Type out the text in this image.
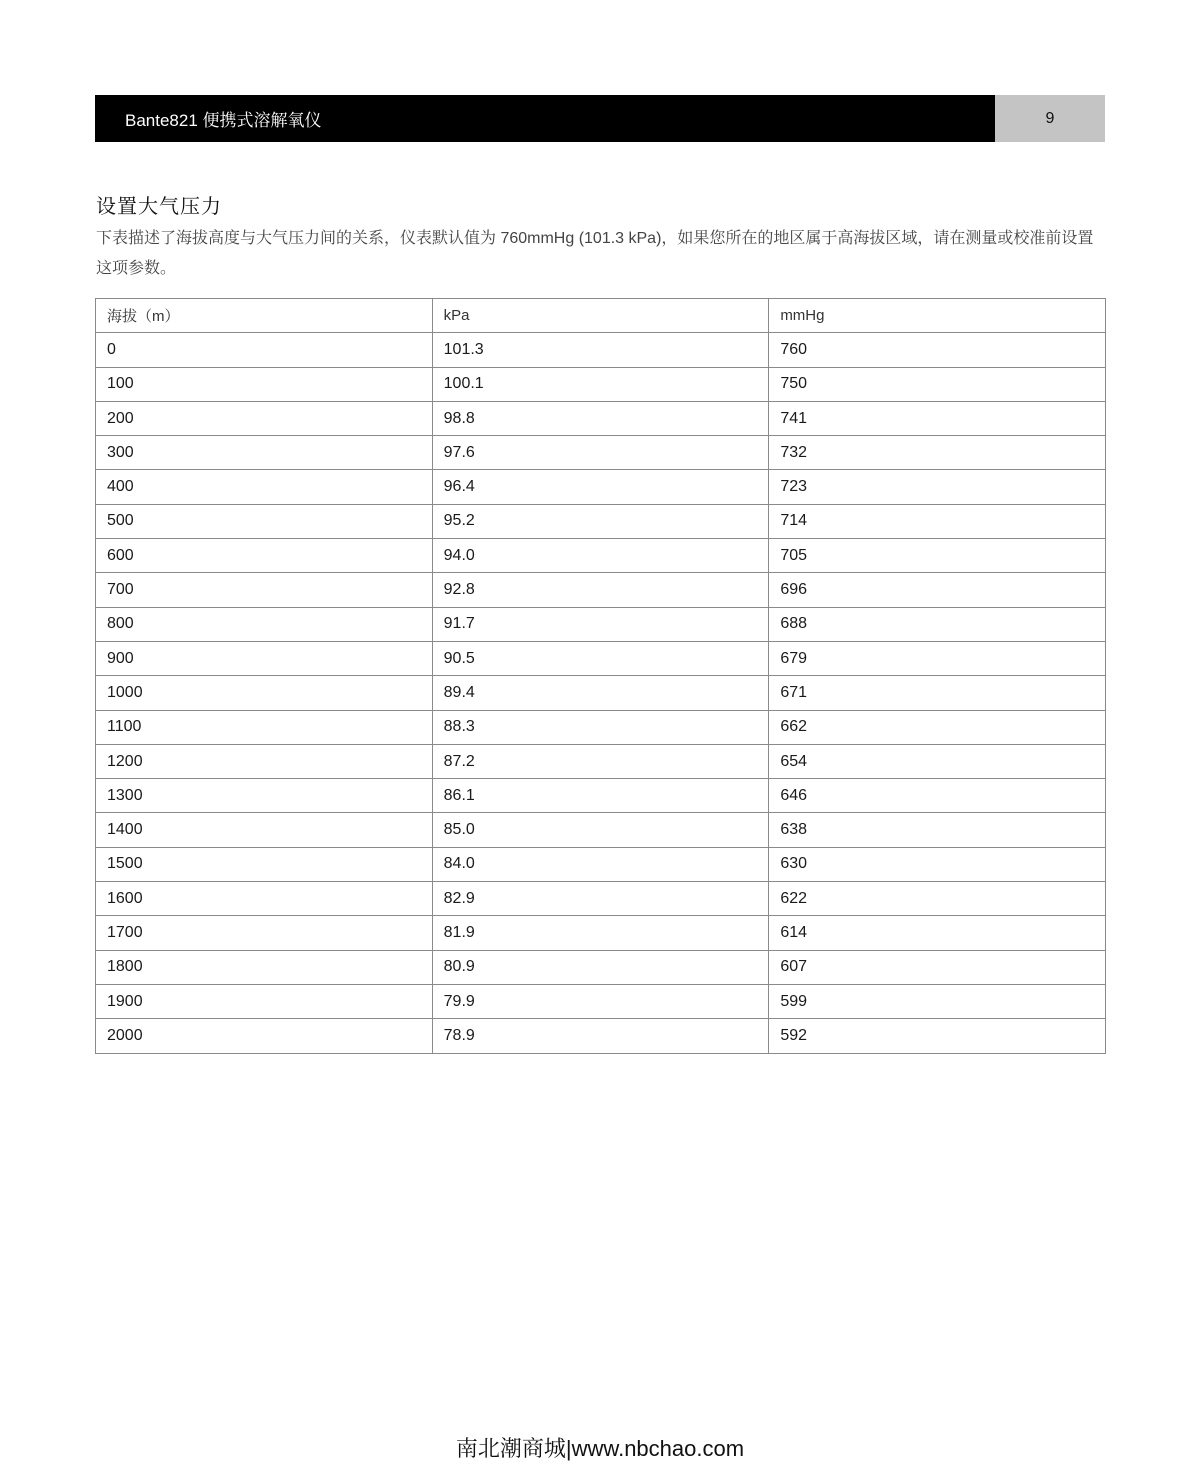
Bante821 便携式溶解氧仪	9
设置大气压力
下表描述了海拔高度与大气压力间的关系，仪表默认值为 760mmHg (101.3 kPa)，如果您所在的地区属于高海拔区域，请在测量或校准前设置这项参数。
海拔（m）	kPa	mmHg
0	101.3	760
100	100.1	750
200	98.8	741
300	97.6	732
400	96.4	723
500	95.2	714
600	94.0	705
700	92.8	696
800	91.7	688
900	90.5	679
1000	89.4	671
1100	88.3	662
1200	87.2	654
1300	86.1	646
1400	85.0	638
1500	84.0	630
1600	82.9	622
1700	81.9	614
1800	80.9	607
1900	79.9	599
2000	78.9	592
南北潮商城|www.nbchao.com
